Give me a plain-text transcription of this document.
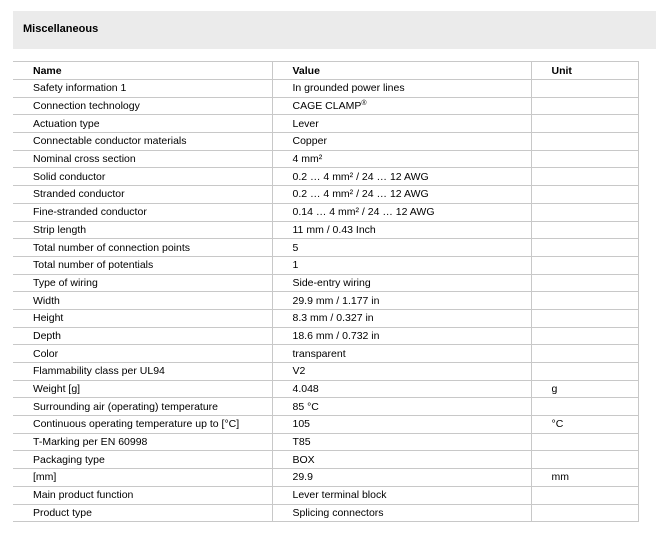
Miscellaneous
Name	Value	Unit
Safety information 1	In grounded power lines	
Connection technology	CAGE CLAMP®	
Actuation type	Lever	
Connectable conductor materials	Copper	
Nominal cross section	4 mm²	
Solid conductor	0.2 … 4 mm² / 24 … 12 AWG	
Stranded conductor	0.2 … 4 mm² / 24 … 12 AWG	
Fine-stranded conductor	0.14 … 4 mm² / 24 … 12 AWG	
Strip length	11 mm / 0.43 Inch	
Total number of connection points	5	
Total number of potentials	1	
Type of wiring	Side-entry wiring	
Width	29.9 mm / 1.177 in	
Height	8.3 mm / 0.327 in	
Depth	18.6 mm / 0.732 in	
Color	transparent	
Flammability class per UL94	V2	
Weight [g]	4.048	g
Surrounding air (operating) temperature	85 °C	
Continuous operating temperature up to [°C]	105	°C
T-Marking per EN 60998	T85	
Packaging type	BOX	
[mm]	29.9	mm
Main product function	Lever terminal block	
Product type	Splicing connectors	
